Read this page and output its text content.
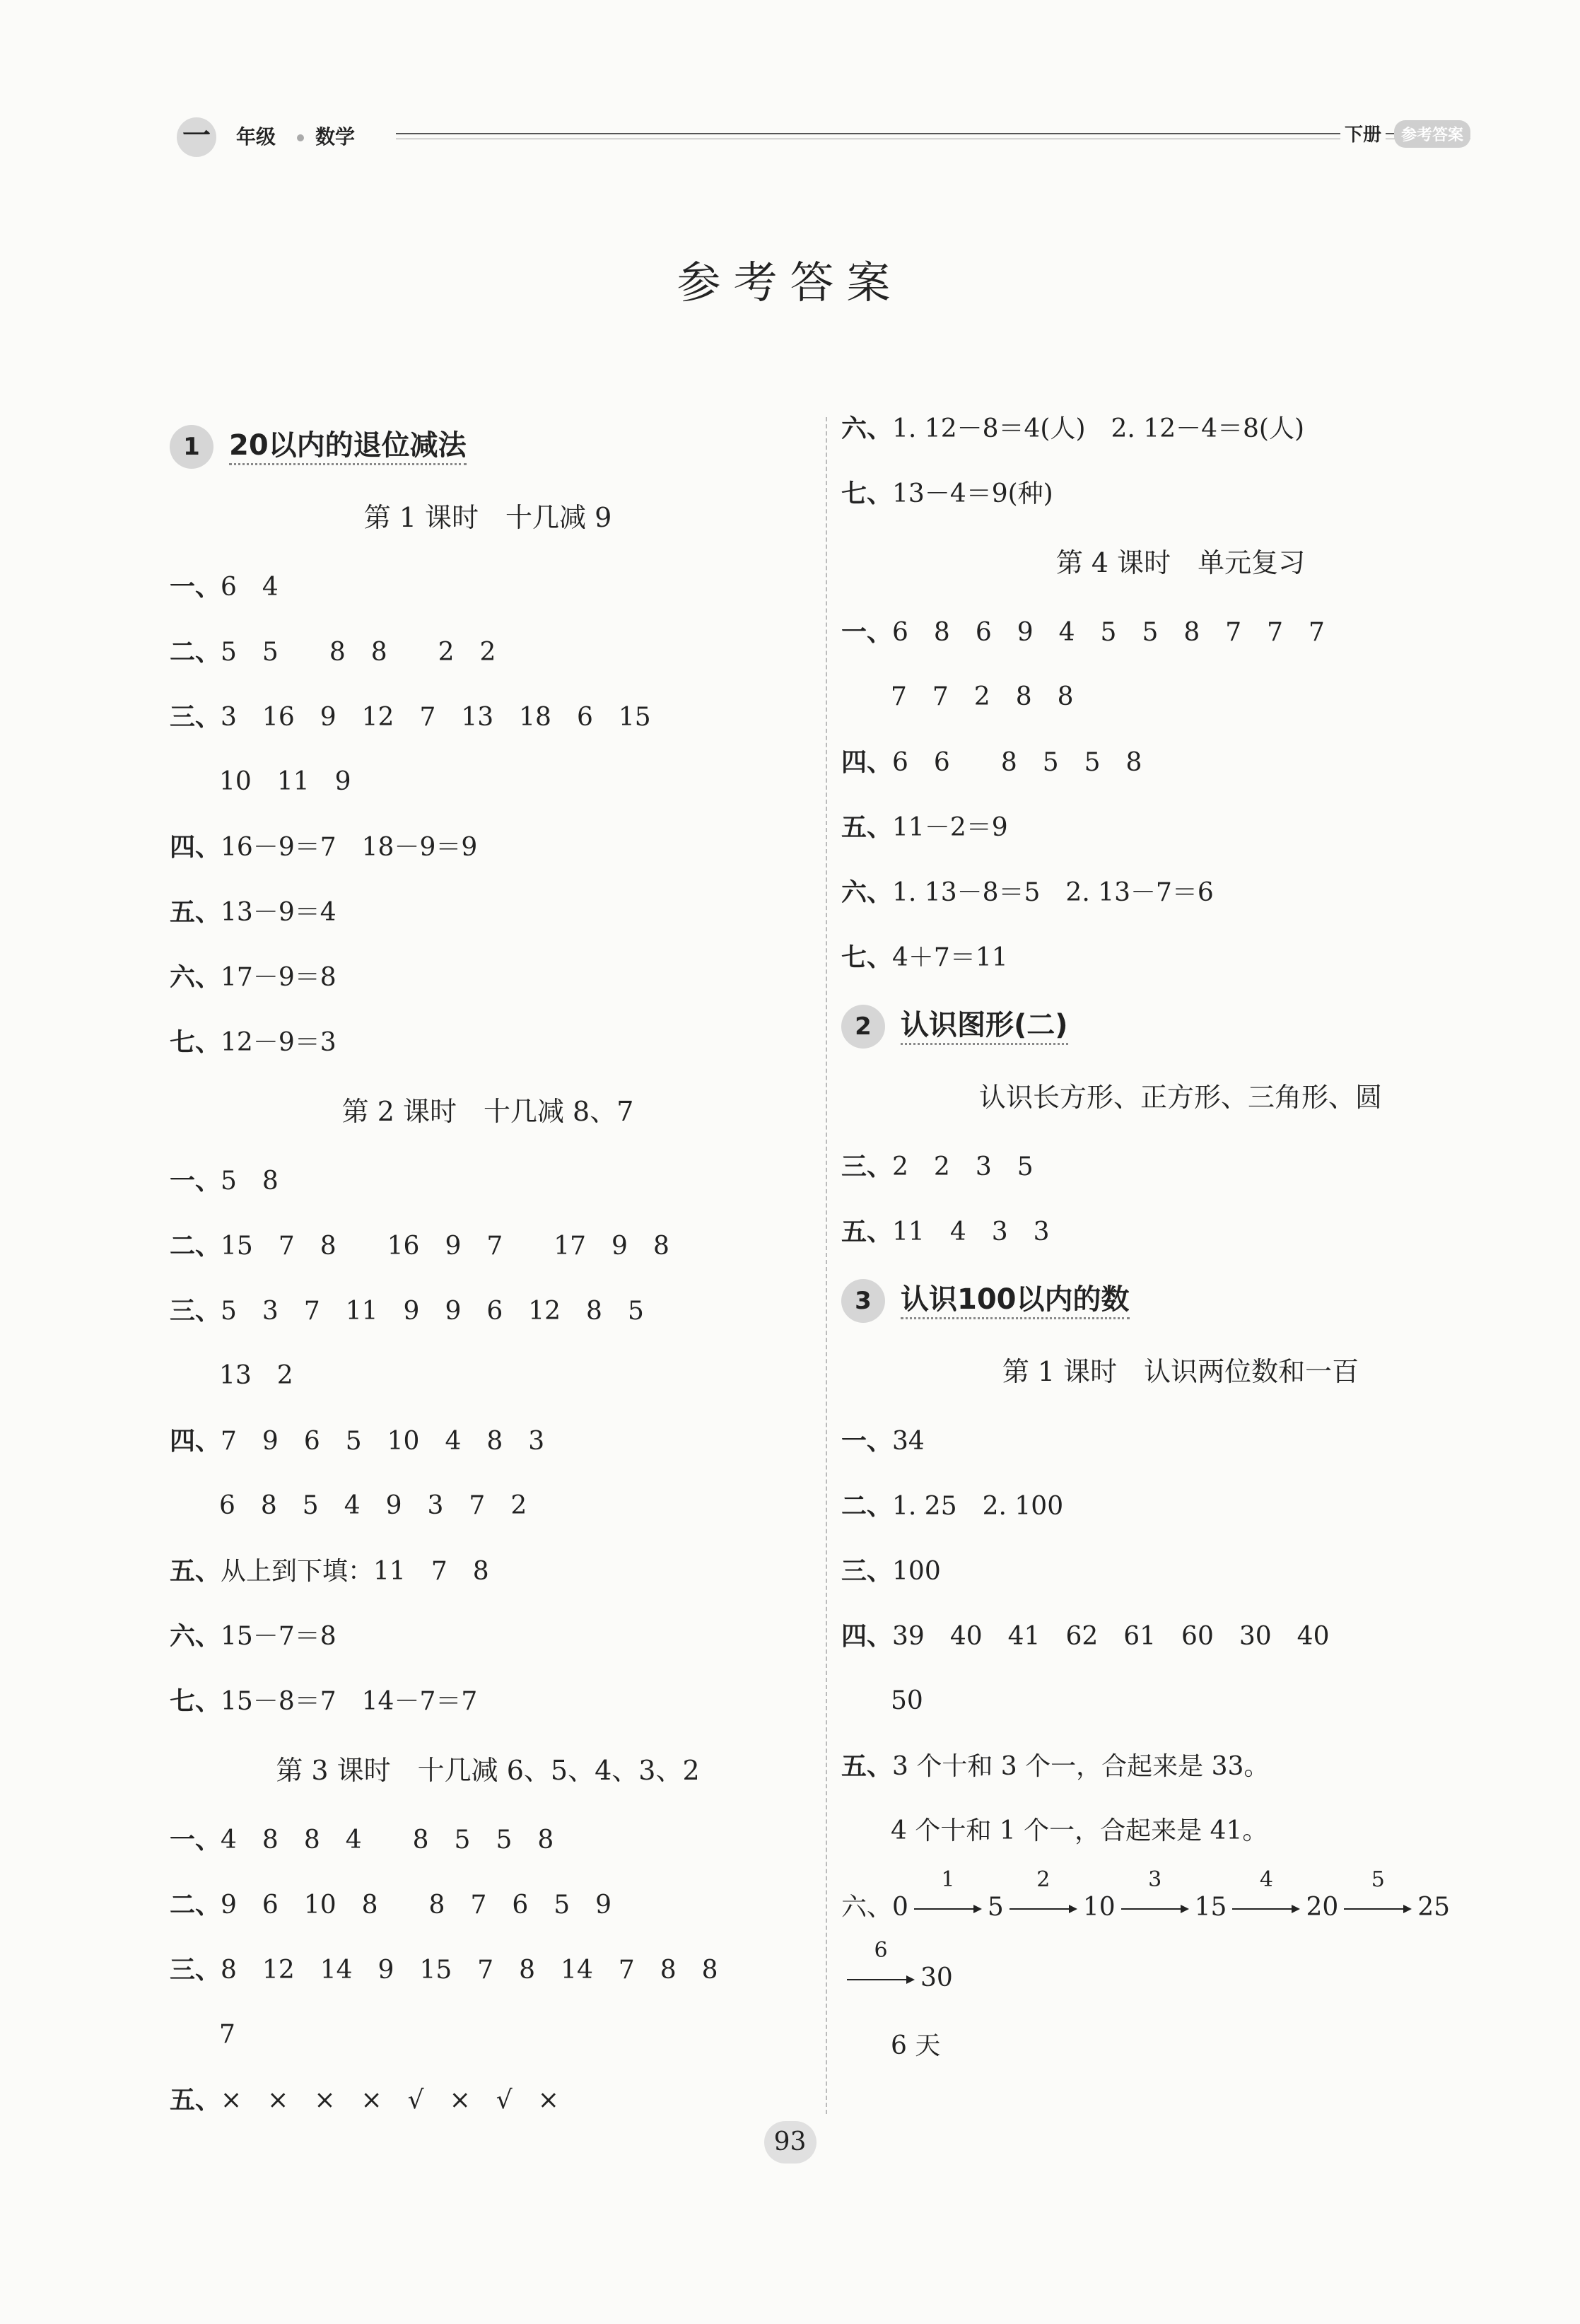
一 年级 数学	下册	参考答案
参考答案
1 20以内的退位减法
第 1 课时　十几减 9
一、6　4
二、5　5　　8　8　　2　2
三、3　16　9　12　7　13　18　6　15
10　11　9
四、16－9＝7　18－9＝9
五、13－9＝4
六、17－9＝8
七、12－9＝3
第 2 课时　十几减 8、7
一、5　8
二、15　7　8　　16　9　7　　17　9　8
三、5　3　7　11　9　9　6　12　8　5
13　2
四、7　9　6　5　10　4　8　3
6　8　5　4　9　3　7　2
五、从上到下填：11　7　8
六、15－7＝8
七、15－8＝7　14－7＝7
第 3 课时　十几减 6、5、4、3、2
一、4　8　8　4　　8　5　5　8
二、9　6　10　8　　8　7　6　5　9
三、8　12　14　9　15　7　8　14　7　8　8
7
五、×　×　×　×　√　×　√　×
六、1. 12－8＝4(人)　2. 12－4＝8(人)
七、13－4＝9(种)
第 4 课时　单元复习
一、6　8　6　9　4　5　5　8　7　7　7
7　7　2　8　8
四、6　6　　8　5　5　8
五、11－2＝9
六、1. 13－8＝5　2. 13－7＝6
七、4＋7＝11
2 认识图形(二)
认识长方形、正方形、三角形、圆
三、2　2　3　5
五、11　4　3　3
3 认识100以内的数
第 1 课时　认识两位数和一百
一、34
二、1. 25　2. 100
三、100
四、39　40　41　62　61　60　30　40
50
五、3 个十和 3 个一，合起来是 33。
4 个十和 1 个一，合起来是 41。
六、0
1
5
2
10
3
15
4
20
5
25
6
30
6 天
93
